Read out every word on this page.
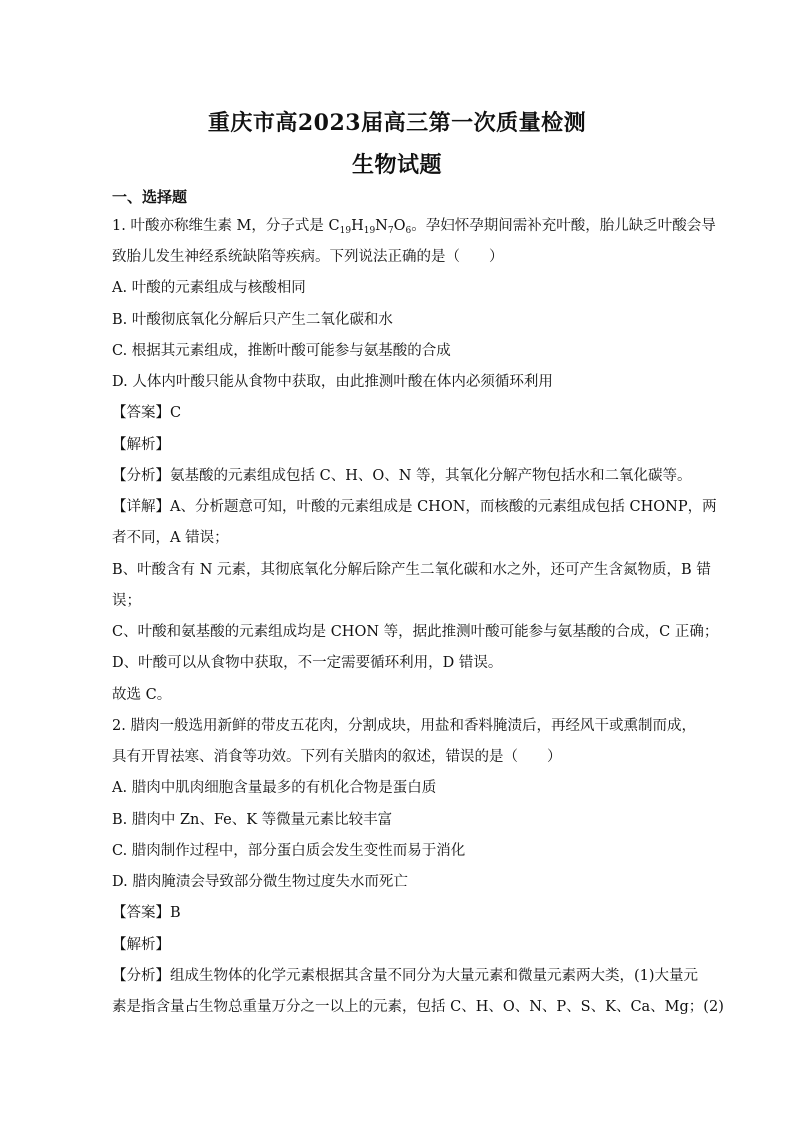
重庆市高2023届高三第一次质量检测
生物试题
一、选择题
1. 叶酸亦称维生素 M，分子式是 $C_{19}H_{19}N_7O_6$。孕妇怀孕期间需补充叶酸，胎儿缺乏叶酸会导
致胎儿发生神经系统缺陷等疾病。下列说法正确的是（　　）
A. 叶酸的元素组成与核酸相同
B. 叶酸彻底氧化分解后只产生二氧化碳和水
C. 根据其元素组成，推断叶酸可能参与氨基酸的合成
D. 人体内叶酸只能从食物中获取，由此推测叶酸在体内必须循环利用
【答案】C
【解析】
【分析】氨基酸的元素组成包括 C、H、O、N 等，其氧化分解产物包括水和二氧化碳等。
【详解】A、分析题意可知，叶酸的元素组成是 CHON，而核酸的元素组成包括 CHONP，两
者不同，A 错误；
B、叶酸含有 N 元素，其彻底氧化分解后除产生二氧化碳和水之外，还可产生含氮物质，B 错
误；
C、叶酸和氨基酸的元素组成均是 CHON 等，据此推测叶酸可能参与氨基酸的合成，C 正确；
D、叶酸可以从食物中获取，不一定需要循环利用，D 错误。
故选 C。
2. 腊肉一般选用新鲜的带皮五花肉，分割成块，用盐和香料腌渍后，再经风干或熏制而成，
具有开胃祛寒、消食等功效。下列有关腊肉的叙述，错误的是（　　）
A. 腊肉中肌肉细胞含量最多的有机化合物是蛋白质
B. 腊肉中 Zn、Fe、K 等微量元素比较丰富
C. 腊肉制作过程中，部分蛋白质会发生变性而易于消化
D. 腊肉腌渍会导致部分微生物过度失水而死亡
【答案】B
【解析】
【分析】组成生物体的化学元素根据其含量不同分为大量元素和微量元素两大类，(1)大量元
素是指含量占生物总重量万分之一以上的元素，包括 C、H、O、N、P、S、K、Ca、Mg；(2)
